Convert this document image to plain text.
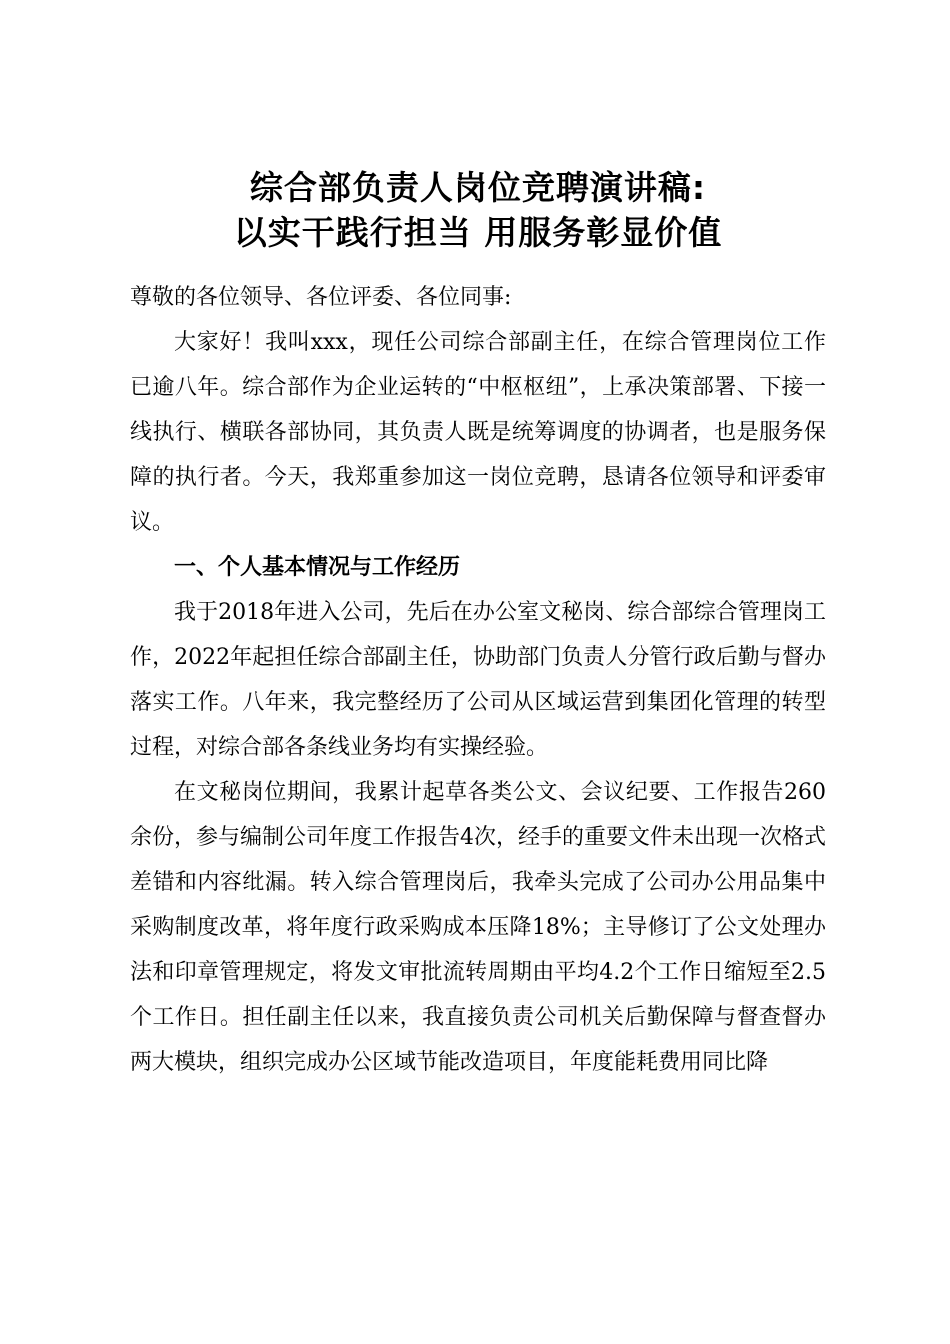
综合部负责人岗位竞聘演讲稿:
以实干践行担当 用服务彰显价值

尊敬的各位领导、各位评委、各位同事:

大家好！我叫xxx，现任公司综合部副主任，在综合管理岗位工作已逾八年。综合部作为企业运转的“中枢枢纽”，上承决策部署、下接一线执行、横联各部协同，其负责人既是统筹调度的协调者，也是服务保障的执行者。今天，我郑重参加这一岗位竞聘，恳请各位领导和评委审议。

一、个人基本情况与工作经历

我于2018年进入公司，先后在办公室文秘岗、综合部综合管理岗工作，2022年起担任综合部副主任，协助部门负责人分管行政后勤与督办落实工作。八年来，我完整经历了公司从区域运营到集团化管理的转型过程，对综合部各条线业务均有实操经验。

在文秘岗位期间，我累计起草各类公文、会议纪要、工作报告260余份，参与编制公司年度工作报告4次，经手的重要文件未出现一次格式差错和内容纰漏。转入综合管理岗后，我牵头完成了公司办公用品集中采购制度改革，将年度行政采购成本压降18%；主导修订了公文处理办法和印章管理规定，将发文审批流转周期由平均4.2个工作日缩短至2.5个工作日。担任副主任以来，我直接负责公司机关后勤保障与督查督办两大模块，组织完成办公区域节能改造项目，年度能耗费用同比降
